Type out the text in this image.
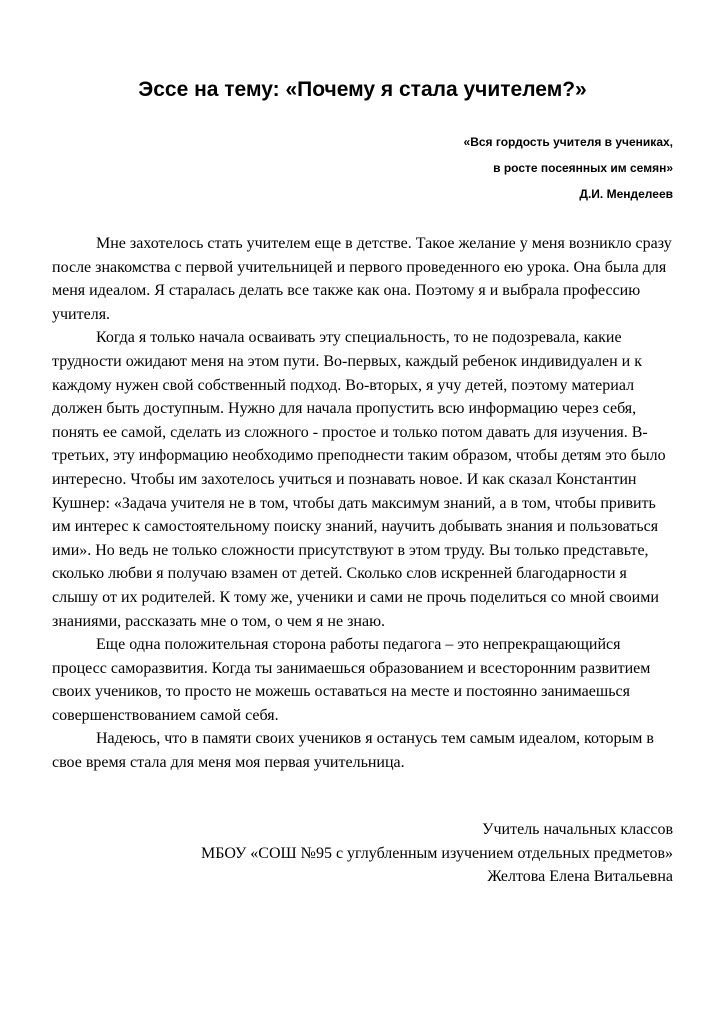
Эссе на тему: «Почему я стала учителем?»
«Вся гордость учителя в учениках,
в росте посеянных им семян»
Д.И. Менделеев

Мне захотелось стать учителем еще в детстве. Такое желание у меня возникло сразу после знакомства с первой учительницей и первого проведенного ею урока. Она была для меня идеалом. Я старалась делать все также как она. Поэтому я и выбрала профессию учителя.

Когда я только начала осваивать эту специальность, то не подозревала, какие трудности ожидают меня на этом пути. Во-первых, каждый ребенок индивидуален и к каждому нужен свой собственный подход. Во-вторых, я учу детей, поэтому материал должен быть доступным. Нужно для начала пропустить всю информацию через себя, понять ее самой, сделать из сложного - простое и только потом давать для изучения. В-третьих, эту информацию необходимо преподнести таким образом, чтобы детям это было интересно. Чтобы им захотелось учиться и познавать новое. И как сказал Константин Кушнер: «Задача учителя не в том, чтобы дать максимум знаний, а в том, чтобы привить им интерес к самостоятельному поиску знаний, научить добывать знания и пользоваться ими». Но ведь не только сложности присутствуют в этом труду. Вы только представьте, сколько любви я получаю взамен от детей. Сколько слов искренней благодарности я слышу от их родителей. К тому же, ученики и сами не прочь поделиться со мной своими знаниями, рассказать мне о том, о чем я не знаю.

Еще одна положительная сторона работы педагога – это непрекращающийся процесс саморазвития. Когда ты занимаешься образованием и всесторонним развитием своих учеников, то просто не можешь оставаться на месте и постоянно занимаешься совершенствованием самой себя.

Надеюсь, что в памяти своих учеников я останусь тем самым идеалом, которым в свое время стала для меня моя первая учительница.

Учитель начальных классов
МБОУ «СОШ №95 с углубленным изучением отдельных предметов»
Желтова Елена Витальевна
